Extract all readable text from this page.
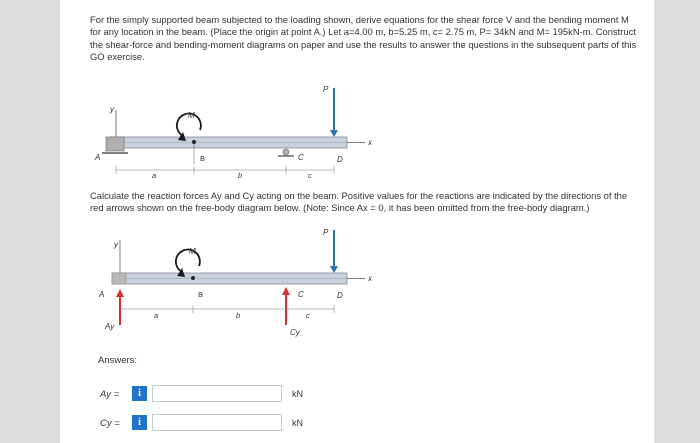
For the simply supported beam subjected to the loading shown, derive equations for the shear force V and the bending moment M for any location in the beam. (Place the origin at point A.) Let a=4.00 m, b=5.25 m, c= 2.75 m, P= 34kN and M= 195kN-m. Construct the shear-force and bending-moment diagrams on paper and use the results to answer the questions in the subsequent parts of this GO exercise.
y
x
A
M
B	C
P
D
a	b	c
Calculate the reaction forces Ay and Cy acting on the beam. Positive values for the reactions are indicated by the directions of the red arrows shown on the free-body diagram below. (Note: Since Ax = 0, it has been omitted from the free-body diagram.)
y
x
A
Ay
M
B	C
Cy
P
D
a	b	c
Answers:
Ay =	i	kN
Cy =	i	kN
